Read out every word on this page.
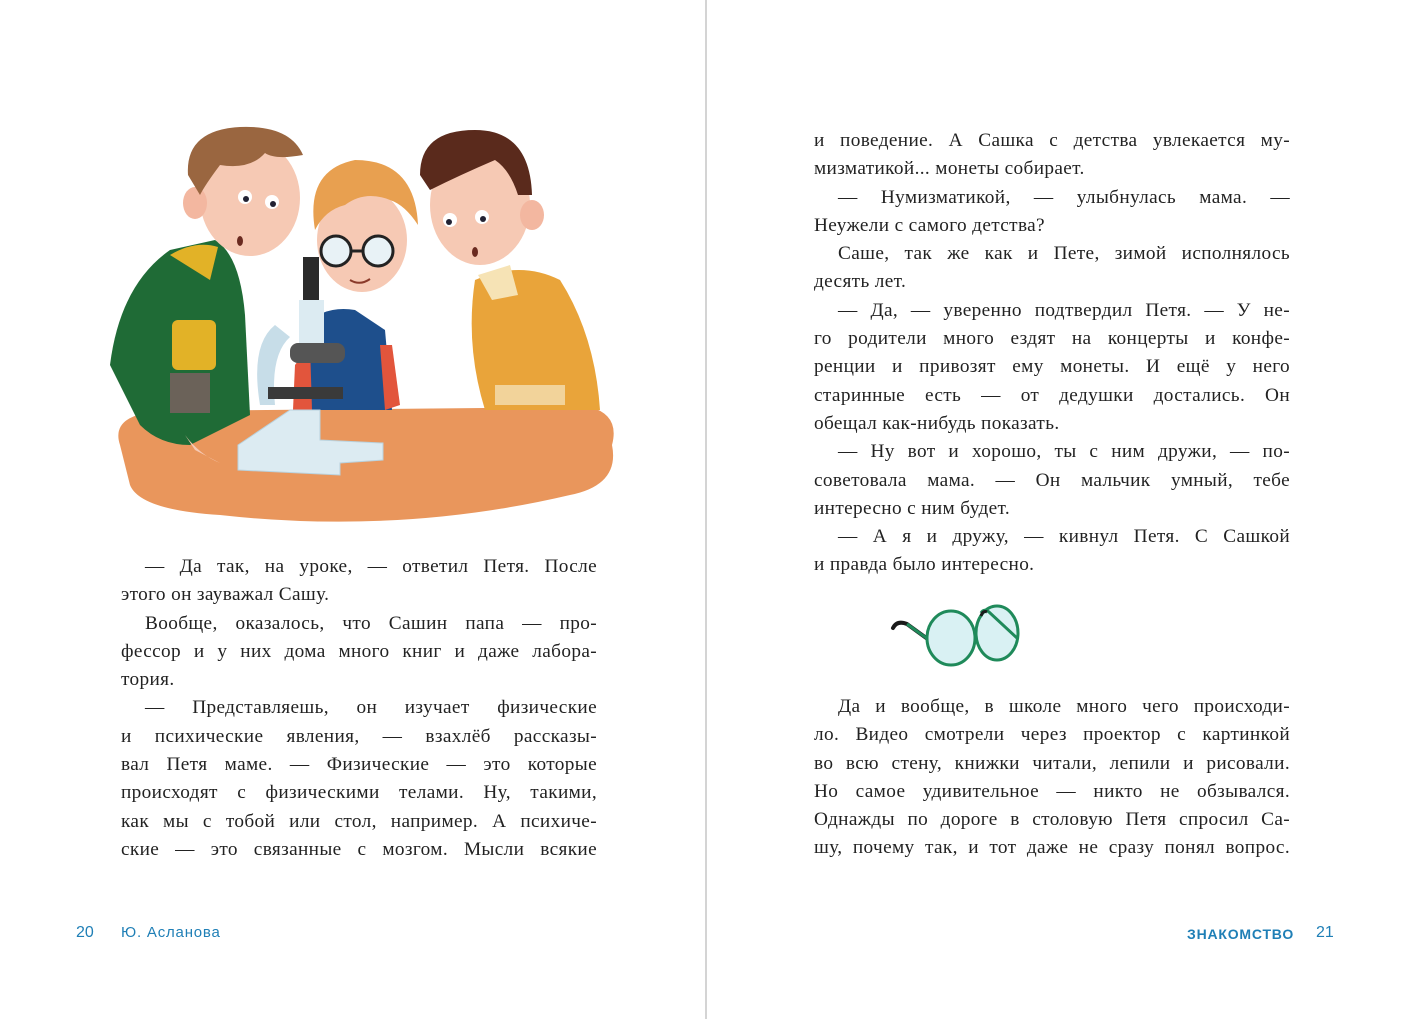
— Да так, на уроке, — ответил Петя. После
этого он зауважал Сашу.
Вообще, оказалось, что Сашин папа — про-
фессор и у них дома много книг и даже лабора-
тория.
— Представляешь, он изучает физические
и психические явления, — взахлёб рассказы-
вал Петя маме. — Физические — это которые
происходят с физическими телами. Ну, такими,
как мы с тобой или стол, например. А психиче-
ские — это связанные с мозгом. Мысли всякие
20 Ю. Асланова
и поведение. А Сашка с детства увлекается му-
мизматикой... монеты собирает.
— Нумизматикой, — улыбнулась мама. —
Неужели с самого детства?
Саше, так же как и Пете, зимой исполнялось
десять лет.
— Да, — уверенно подтвердил Петя. — У не-
го родители много ездят на концерты и конфе-
ренции и привозят ему монеты. И ещё у него
старинные есть — от дедушки достались. Он
обещал как-нибудь показать.
— Ну вот и хорошо, ты с ним дружи, — по-
советовала мама. — Он мальчик умный, тебе
интересно с ним будет.
— А я и дружу, — кивнул Петя. С Сашкой
и правда было интересно.
Да и вообще, в школе много чего происходи-
ло. Видео смотрели через проектор с картинкой
во всю стену, книжки читали, лепили и рисовали.
Но самое удивительное — никто не обзывался.
Однажды по дороге в столовую Петя спросил Са-
шу, почему так, и тот даже не сразу понял вопрос.
ЗНАКОМСТВО 21
